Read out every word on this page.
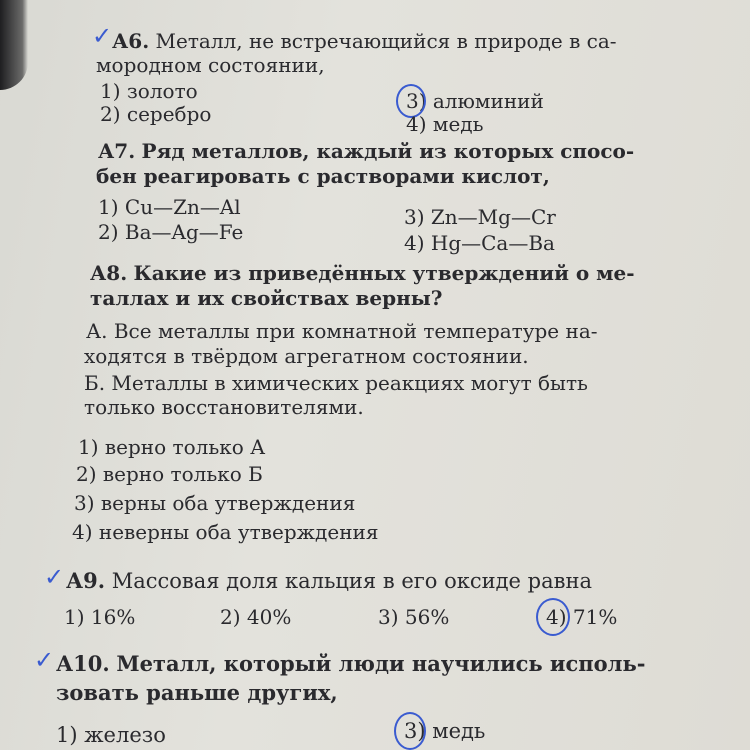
✓ А6. Металл, не встречающийся в природе в са-
мородном состоянии,
1) золото
2) серебро
3) алюминий
4) медь
А7. Ряд металлов, каждый из которых спосо-
бен реагировать с растворами кислот,
1) Cu—Zn—Al
2) Ba—Ag—Fe
3) Zn—Mg—Cr
4) Hg—Ca—Ba
А8. Какие из приведённых утверждений о ме-
таллах и их свойствах верны?
А. Все металлы при комнатной температуре на-
ходятся в твёрдом агрегатном состоянии.
Б. Металлы в химических реакциях могут быть
только восстановителями.
1) верно только А
2) верно только Б
3) верны оба утверждения
4) неверны оба утверждения
✓ А9. Массовая доля кальция в его оксиде равна
1) 16%	2) 40%	3) 56%	4) 71%
✓ А10. Металл, который люди научились исполь-
зовать раньше других,
1) железо	3) медь
